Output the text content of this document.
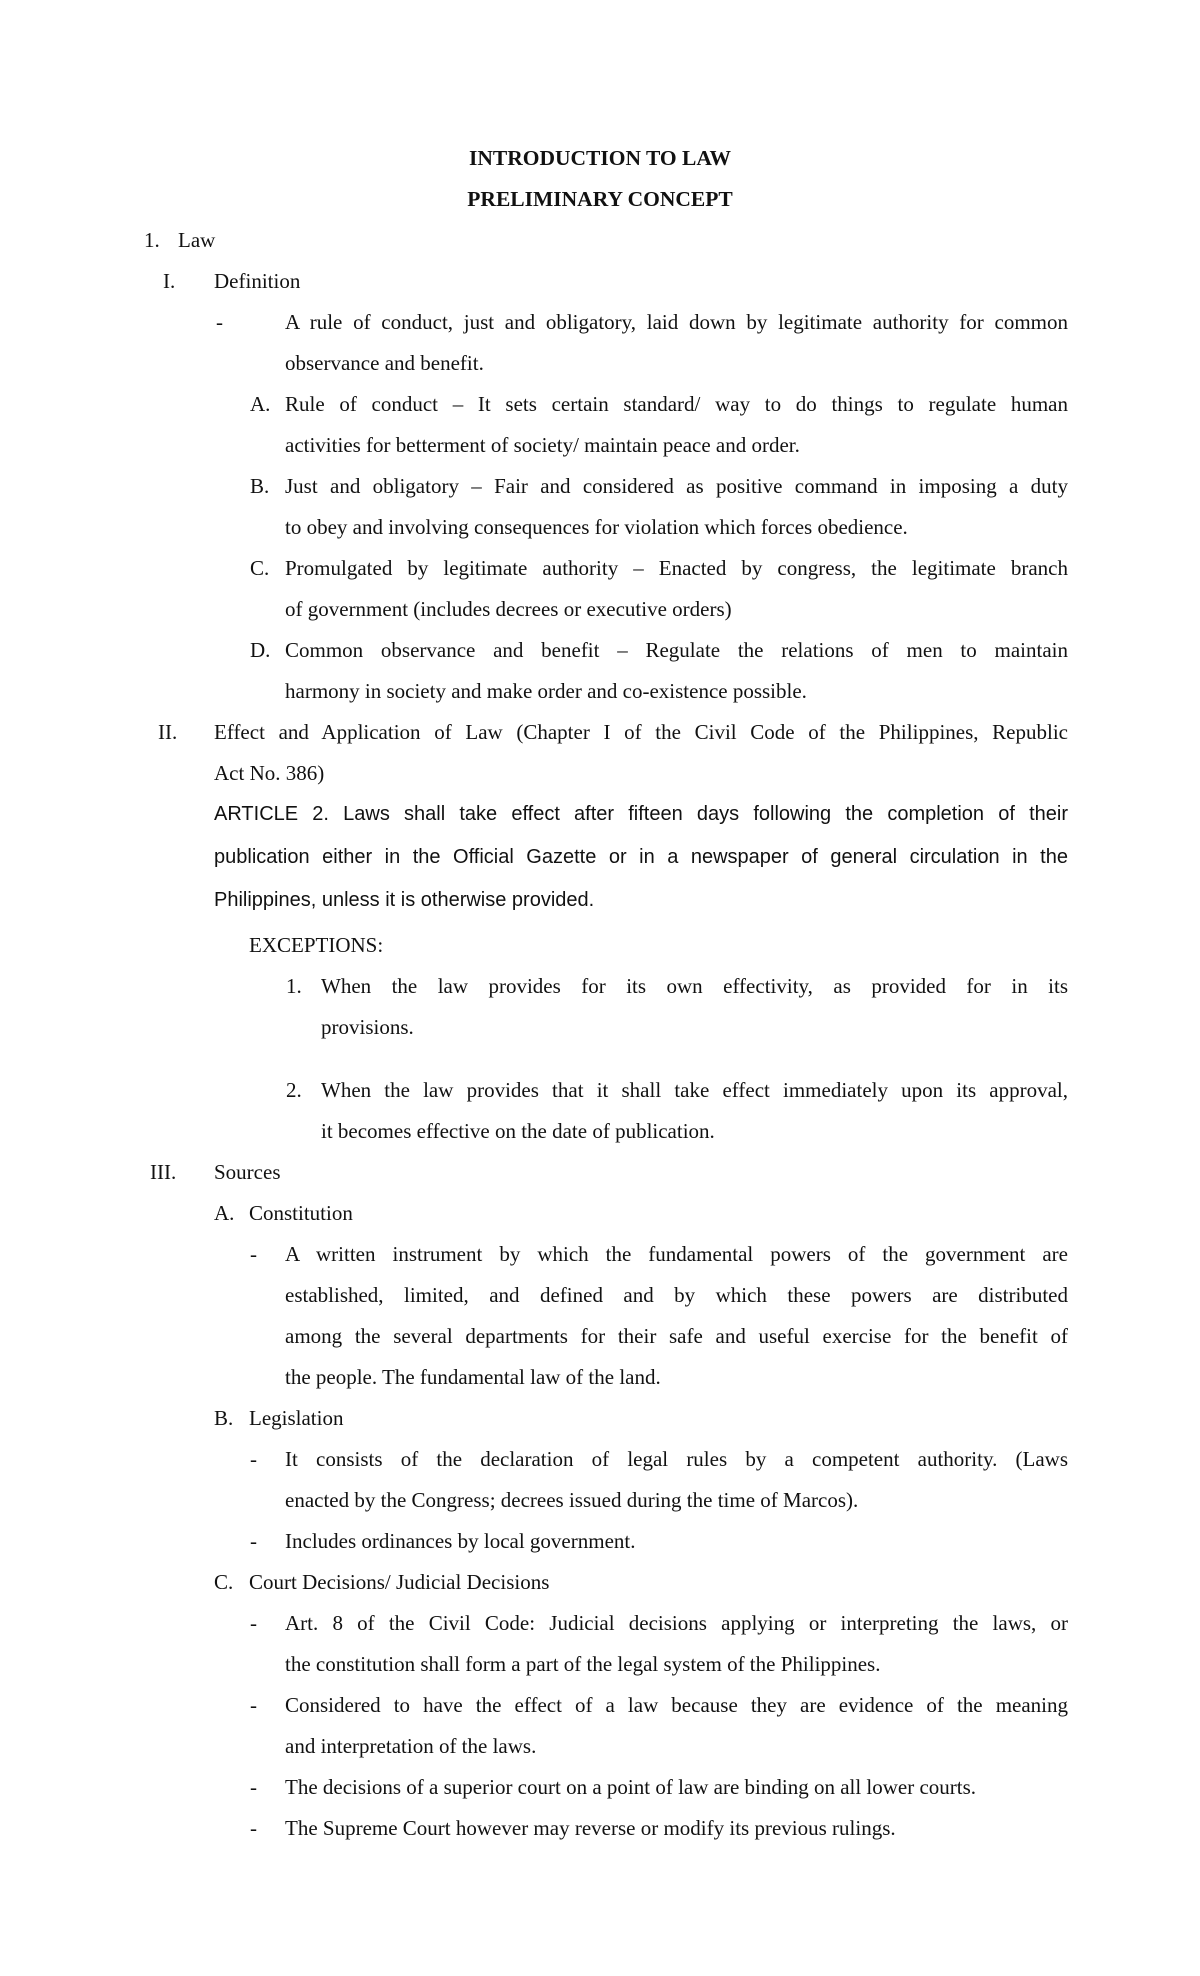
INTRODUCTION TO LAW
PRELIMINARY CONCEPT
1. Law
I. Definition
-	A rule of conduct, just and obligatory, laid down by legitimate authority for common
observance and benefit.
A. Rule of conduct – It sets certain standard/ way to do things to regulate human
activities for betterment of society/ maintain peace and order.
B. Just and obligatory – Fair and considered as positive command in imposing a duty
to obey and involving consequences for violation which forces obedience.
C. Promulgated by legitimate authority – Enacted by congress, the legitimate branch
of government (includes decrees or executive orders)
D. Common observance and benefit – Regulate the relations of men to maintain
harmony in society and make order and co-existence possible.
II. Effect and Application of Law (Chapter I of the Civil Code of the Philippines, Republic
Act No. 386)
ARTICLE 2. Laws shall take effect after fifteen days following the completion of their
publication either in the Official Gazette or in a newspaper of general circulation in the
Philippines, unless it is otherwise provided.
EXCEPTIONS:
1. When the law provides for its own effectivity, as provided for in its
provisions.
2. When the law provides that it shall take effect immediately upon its approval,
it becomes effective on the date of publication.
III. Sources
A. Constitution
- A written instrument by which the fundamental powers of the government are
established, limited, and defined and by which these powers are distributed
among the several departments for their safe and useful exercise for the benefit of
the people. The fundamental law of the land.
B. Legislation
- It consists of the declaration of legal rules by a competent authority. (Laws
enacted by the Congress; decrees issued during the time of Marcos).
- Includes ordinances by local government.
C. Court Decisions/ Judicial Decisions
- Art. 8 of the Civil Code: Judicial decisions applying or interpreting the laws, or
the constitution shall form a part of the legal system of the Philippines.
- Considered to have the effect of a law because they are evidence of the meaning
and interpretation of the laws.
- The decisions of a superior court on a point of law are binding on all lower courts.
- The Supreme Court however may reverse or modify its previous rulings.
